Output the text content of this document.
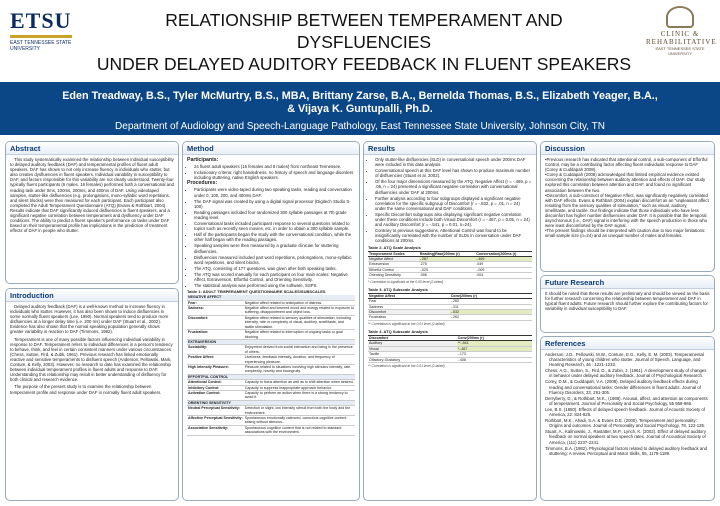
ETSU
EAST TENNESSEE STATE UNIVERSITY
RELATIONSHIP BETWEEN TEMPERAMENT AND DYSFLUENCIES
UNDER DELAYED AUDITORY FEEDBACK IN FLUENT SPEAKERS
CLINIC & REHABILITATIVE
EAST TENNESSEE STATE UNIVERSITY
Eden Treadway, B.S., Tyler McMurtry, B.S., MBA, Brittany Zarse, B.A., Bernelda Thomas, B.S., Elizabeth Yeager, B.A.,
& Vijaya K. Guntupalli, Ph.D.
Department of Audiology and Speech-Language Pathology, East Tennessee State University, Johnson City, TN
Abstract

This study systematically examined the relationship between individual susceptibility to delayed auditory feedback (DAF) and temperamental profiles of fluent adult speakers. DAF has shown to not only increase fluency in individuals who stutter, but also creates dysfluencies in fluent speakers. Individual variability in susceptibility to DAF, and factors responsible for this variability are not clearly understood. Twenty-four typically fluent participants (6 males, 16 females) performed both a conversational and reading task under 0ms, 100ms, 200ms, and 400ms of DAF. Using videotaped samples, stutter-like disfluencies (e.g. prolongations, mono-syllabic word repetitions, and silent blocks) were then measured for each participant. Each participant also completed the Adult Temperament Questionnaire (ATQ) (Evans & Rothbart, 2004). Results indicate that DAF significantly induced disfluencies in fluent speakers, and a significant negative correlation between temperament and dysfluency under DAF conditions. The ability to predict a fluent speaker's performance on tasks under DAF based on their temperamental profile has implications in the prediction of treatment effects of DAF in people who stutter.

Introduction

Delayed auditory feedback (DAF) is a well-known method to increase fluency in individuals who stutter. However, it has also been shown to induce disfluencies in some normally fluent speakers (Lee, 1950). Normal speakers tend to produce more disfluencies at a longer delay time (i.e. 200 ms) under DAF (Stuart et al., 2002). Evidence has also shown that the normal speaking population generally shows greater variability in reaction to DAF (Timmons, 1982).

Temperament is one of many possible factors influencing individual variability in response to DAF. Temperament refers to individual differences in a person's tendency to behave, think, and feel in certain consistent manners under various circumstances (Chess, Sutton, Fird, & Zubk, 1961). Previous research has linked emotionally reactive and sensitive temperaments to disfluent speech (Anderson, Pellowski, Mark, Conture, & Kelly, 2003). However, no research to date has examined the relationship between individual temperament profiles in fluent adults and response to DAF. Understanding this relationship may result in better understanding of disfluency for both clinical and research evidence.

The purpose of the present study is to examine the relationship between temperament profile and response under DAF in normally fluent adult speakers.

Method
Participants:
• 24 fluent adult speakers (16 females and 8 males) from northeast Tennessee.
• Inclusionary criteria: right handedness, no history of speech and language disorders including stuttering, native English speakers.
Procedures:
• Participants were video-taped during two speaking tasks, reading and conversation under 0, 100, 200, and 400ms DAF.
• The DAF signal was created by using a digital signal processor (Digitech Studio S-100)
• Reading passages included four randomized 300 syllable passages at 7th grade reading level.
• Conversational tasks included participant response to several questions related to topics such as recently seen movies, etc. in order to obtain a 300 syllable sample.
• Half of the participants began the study with the conversational condition, while the other half began with the reading passages.
• Speaking samples were then measured by a graduate clinician for stuttering disfluencies.
• Disfluencies measured included part word repetitions, prolongations, mono-syllabic word repetitions, and silent blocks.
• The ATQ, consisting of 177 questions, was given after both speaking tasks.
• The ATQ was scored manually for each participant on four main scales: Negative Affect, Extraversion, Effortful Control, and Orienting Sensitivity.
• The statistical analysis was performed using the software, SSPS.
Table 1: ADULT TEMPERAMENT QUESTIONNAIRE SCALES/SUBSCALES
NEGATIVE AFFECT	
Fear:	Negative affect related to anticipation of distress.
Sadness:	Negative affect and lowered mood and energy related to exposure to suffering, disappointment and object loss.
Discomfort:	Negative affect related to sensory qualities of stimulation, including intensity, rate or complexity of visual, auditory, smell/taste, and tactile stimulation.
Frustration:	Negative affect related to interruption of ongoing tasks or goal blocking.
EXTRAVERSION	
Sociability:	Enjoyment derived from social interaction and being in the presence of others.
Positive Affect:	Liveliness, feedback intensity, duration, and frequency of experiencing pleasure.
High Intensity Pleasure:	Pleasure related to situations involving high stimulus intensity, rate, complexity, novelty and incongruity.
EFFORTFUL CONTROL	
Attentional Control:	Capacity to focus attention as well as to shift attention when desired.
Inhibitory Control:	Capacity to suppress inappropriate approach behavior.
Activation Control:	Capacity to perform an action when there is a strong tendency to avoid it.
ORIENTING SENSITIVITY	
Neutral Perceptual Sensitivity:	Detection or slight, low intensity stimuli from both the body and the environment.
Affective Perceptual Sensitivity:	Spontaneous emotionally valenced, conscious cognitive content arising without stimulus..
Associative Sensitivity:	Spontaneous cognitive content that is not related to standard associations with the environment.
Results
• Only stutter-like disfluencies (SLD) in conversational speech under 200ms DAF were included in this data analysis.
• Conversational speech at this DAF level has shown to produce maximum number of disfluencies (Stuart et al. 2002).
• Of the four major dimensions measured by the ATQ, Negative Affect (r = -.469, p = .05, n = 24) presented a significant negative correlation with conversational disfluencies under DAF at 200ms.
• Further analysis according to four subgroups displayed a significant negative correlation for the specific subgroup of Discomfort (r = -.532, p = .01, n = 24) under the same conversational and DAF conditions.
• Specific Discomfort subgroups also displaying significant negative correlation under these conditions include both Visual Discomfort (r = -.467, p = 0.05, n = 24) and Auditory Discomfort (r = -.541, p = 0.01, n=24).
• Contrary to previous suggestions, Attentional Control was found to be insignificantly correlated with the number of SLDs in conversation under DAF conditions at 200ms.
Table 2. ATQ Scale Analysis
Temperament Scales	Reading(Raw(200ms (r)	Conversation(200ms (r)
Negative Affect	-.267	-.469
Extraversion	.275	.049
Effortful Control	-.020	-.009
Orienting Sensitivity	.096	.004
* Correlation is significant at the 0.05 level (2-tailed)
Table 3. ATQ Subscale Analysis
Negative Affect	Conv(200ms (r)
Fear	-.260
Sadness	-.311
Discomfort	-.532
Frustration	-.262
** Correlation is significant at the 0.01 level (2-tailed)
Table 4. ATQ Subscale Analysis
Discomfort	Conv(200ms (r)
Auditory	**-.541
Visual	*-.467
Tactile	-.173
Olfactory-Gustatory	-.408
** Correlation is significant at the 0.01 level (2-tailed)
Discussion
•Previous research has indicated that attentional control, a sub-component of Effortful Control, may be a contributing factor affecting fluent individuals response to DAF (Corey & Cuddapah 2008).
•Corey & Cuddapah (2008) acknowledged that limited empirical evidence existed concerning the relationship between auditory attention and effects of DAF. Our study explored this correlation between attention and DAF, and found no significant association between the two.
•Discomfort, a sub-construct of Negative Affect, was significantly negatively correlated with DAF effects. Evans & Rothbart (2004) explain discomfort as an "unpleasant affect resulting from the sensory qualities of stimulation," such as visual, auditory, smell/taste, and tactile. Our findings indicate that those individuals who have less discomfort has higher number disfluencies under DAF. It is possible that the temporal asynchronous (i.e., DAF) signal is interfering with the speech production in those who were least discomforted by the DAF signal.
•The present findings should be interpreted with caution due to two major limitations: small sample size (n=24) and an unequal number of males and females.
Future Research
It should be noted that these results are preliminary and should be viewed as the basis for further research concerning the relationship between temperament and DAF in typical fluent adults. Future research should further explore the contributing factors for variability in individual susceptibility to DAF.
References

Anderson, J.D., Pellowski, M.W., Conture, E.G., Kelly, E. M. (2003). Temperamental characteristics of young children who stutter. Journal of Speech, Language, and Hearing Research, 46 : 1221-1233.

Chess, A.G., Sutton, S., Fird, D., & Zubin, J. (1961). A development study of changes in behavior under delayed auditory feedback. Journal of Psychological Research.

Corey, D.M., & Cuddapah, V.A. (2008). Delayed auditory feedback effects during reading and conversational tasks: Gender differences in fluent adults. Journal of Fluency Disorders, 33, 291-305.

Derryberry, D., & Rothbart, M.K., (1988). Arousal, affect, and attention as components of temperament. Journal of Personality and Social Psychology, 55 958-966.

Lee, B.S. (1950). Effects of delayed speech feedback. Journal of Acoustic Society of America, 22: 824-826.

Rothbart, M.K., Ahadi, S.A. & Evans D.E. (2000). Temperament and personality: Origins and outcomes. Journal of Personality and Social Psychology, 78, 122-135.

Stuart, A., Kalinowski, J., Rastatter, M.P., Lynch, K. (2002). Effect of delayed auditory feedback on normal speakers at two speech rates. Journal of Acoustical Society of America, (111) 2237-2241.

Timmons, B.A. (1982). Physiological factors related to delayed auditory feedback and stuttering: A review. Perceptual and Motor Skills, 55, 1179-1189.
